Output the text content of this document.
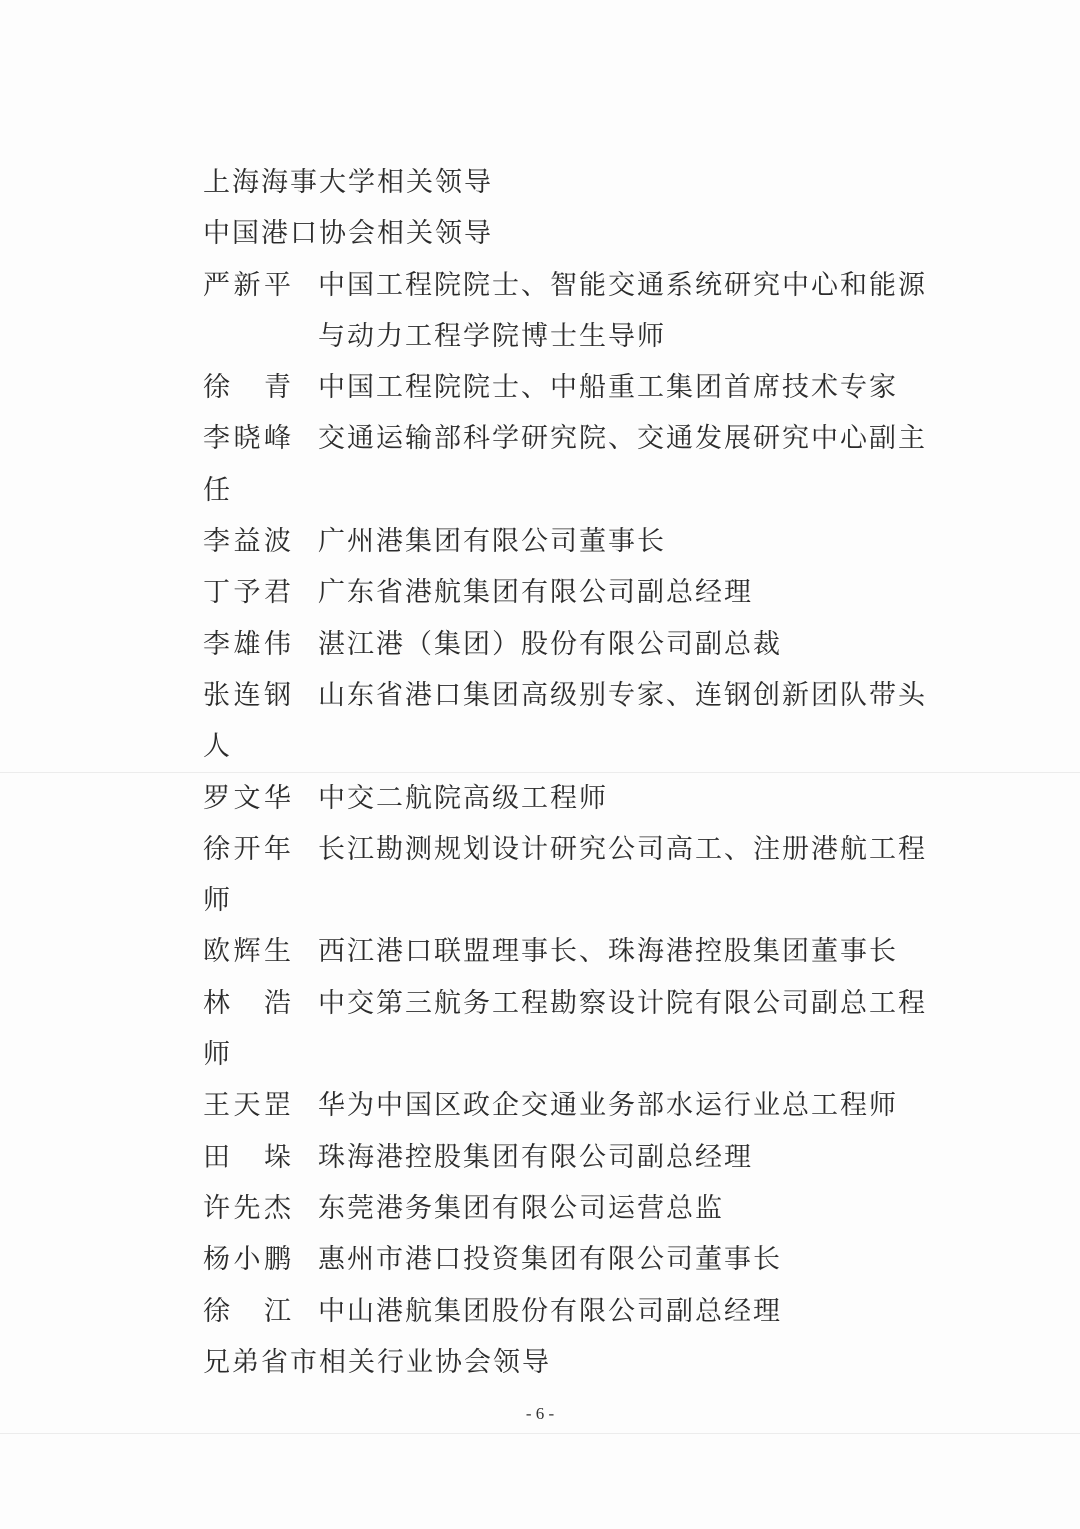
上海海事大学相关领导
中国港口协会相关领导
严新平 中国工程院院士、智能交通系统研究中心和能源与动力工程学院博士生导师
徐　青 中国工程院院士、中船重工集团首席技术专家
李晓峰 交通运输部科学研究院、交通发展研究中心副主任
李益波 广州港集团有限公司董事长
丁予君 广东省港航集团有限公司副总经理
李雄伟 湛江港（集团）股份有限公司副总裁
张连钢 山东省港口集团高级别专家、连钢创新团队带头人
罗文华 中交二航院高级工程师
徐开年 长江勘测规划设计研究公司高工、注册港航工程师
欧辉生 西江港口联盟理事长、珠海港控股集团董事长
林　浩 中交第三航务工程勘察设计院有限公司副总工程师
王天罡 华为中国区政企交通业务部水运行业总工程师
田　垛 珠海港控股集团有限公司副总经理
许先杰 东莞港务集团有限公司运营总监
杨小鹏 惠州市港口投资集团有限公司董事长
徐　江 中山港航集团股份有限公司副总经理
兄弟省市相关行业协会领导
- 6 -
